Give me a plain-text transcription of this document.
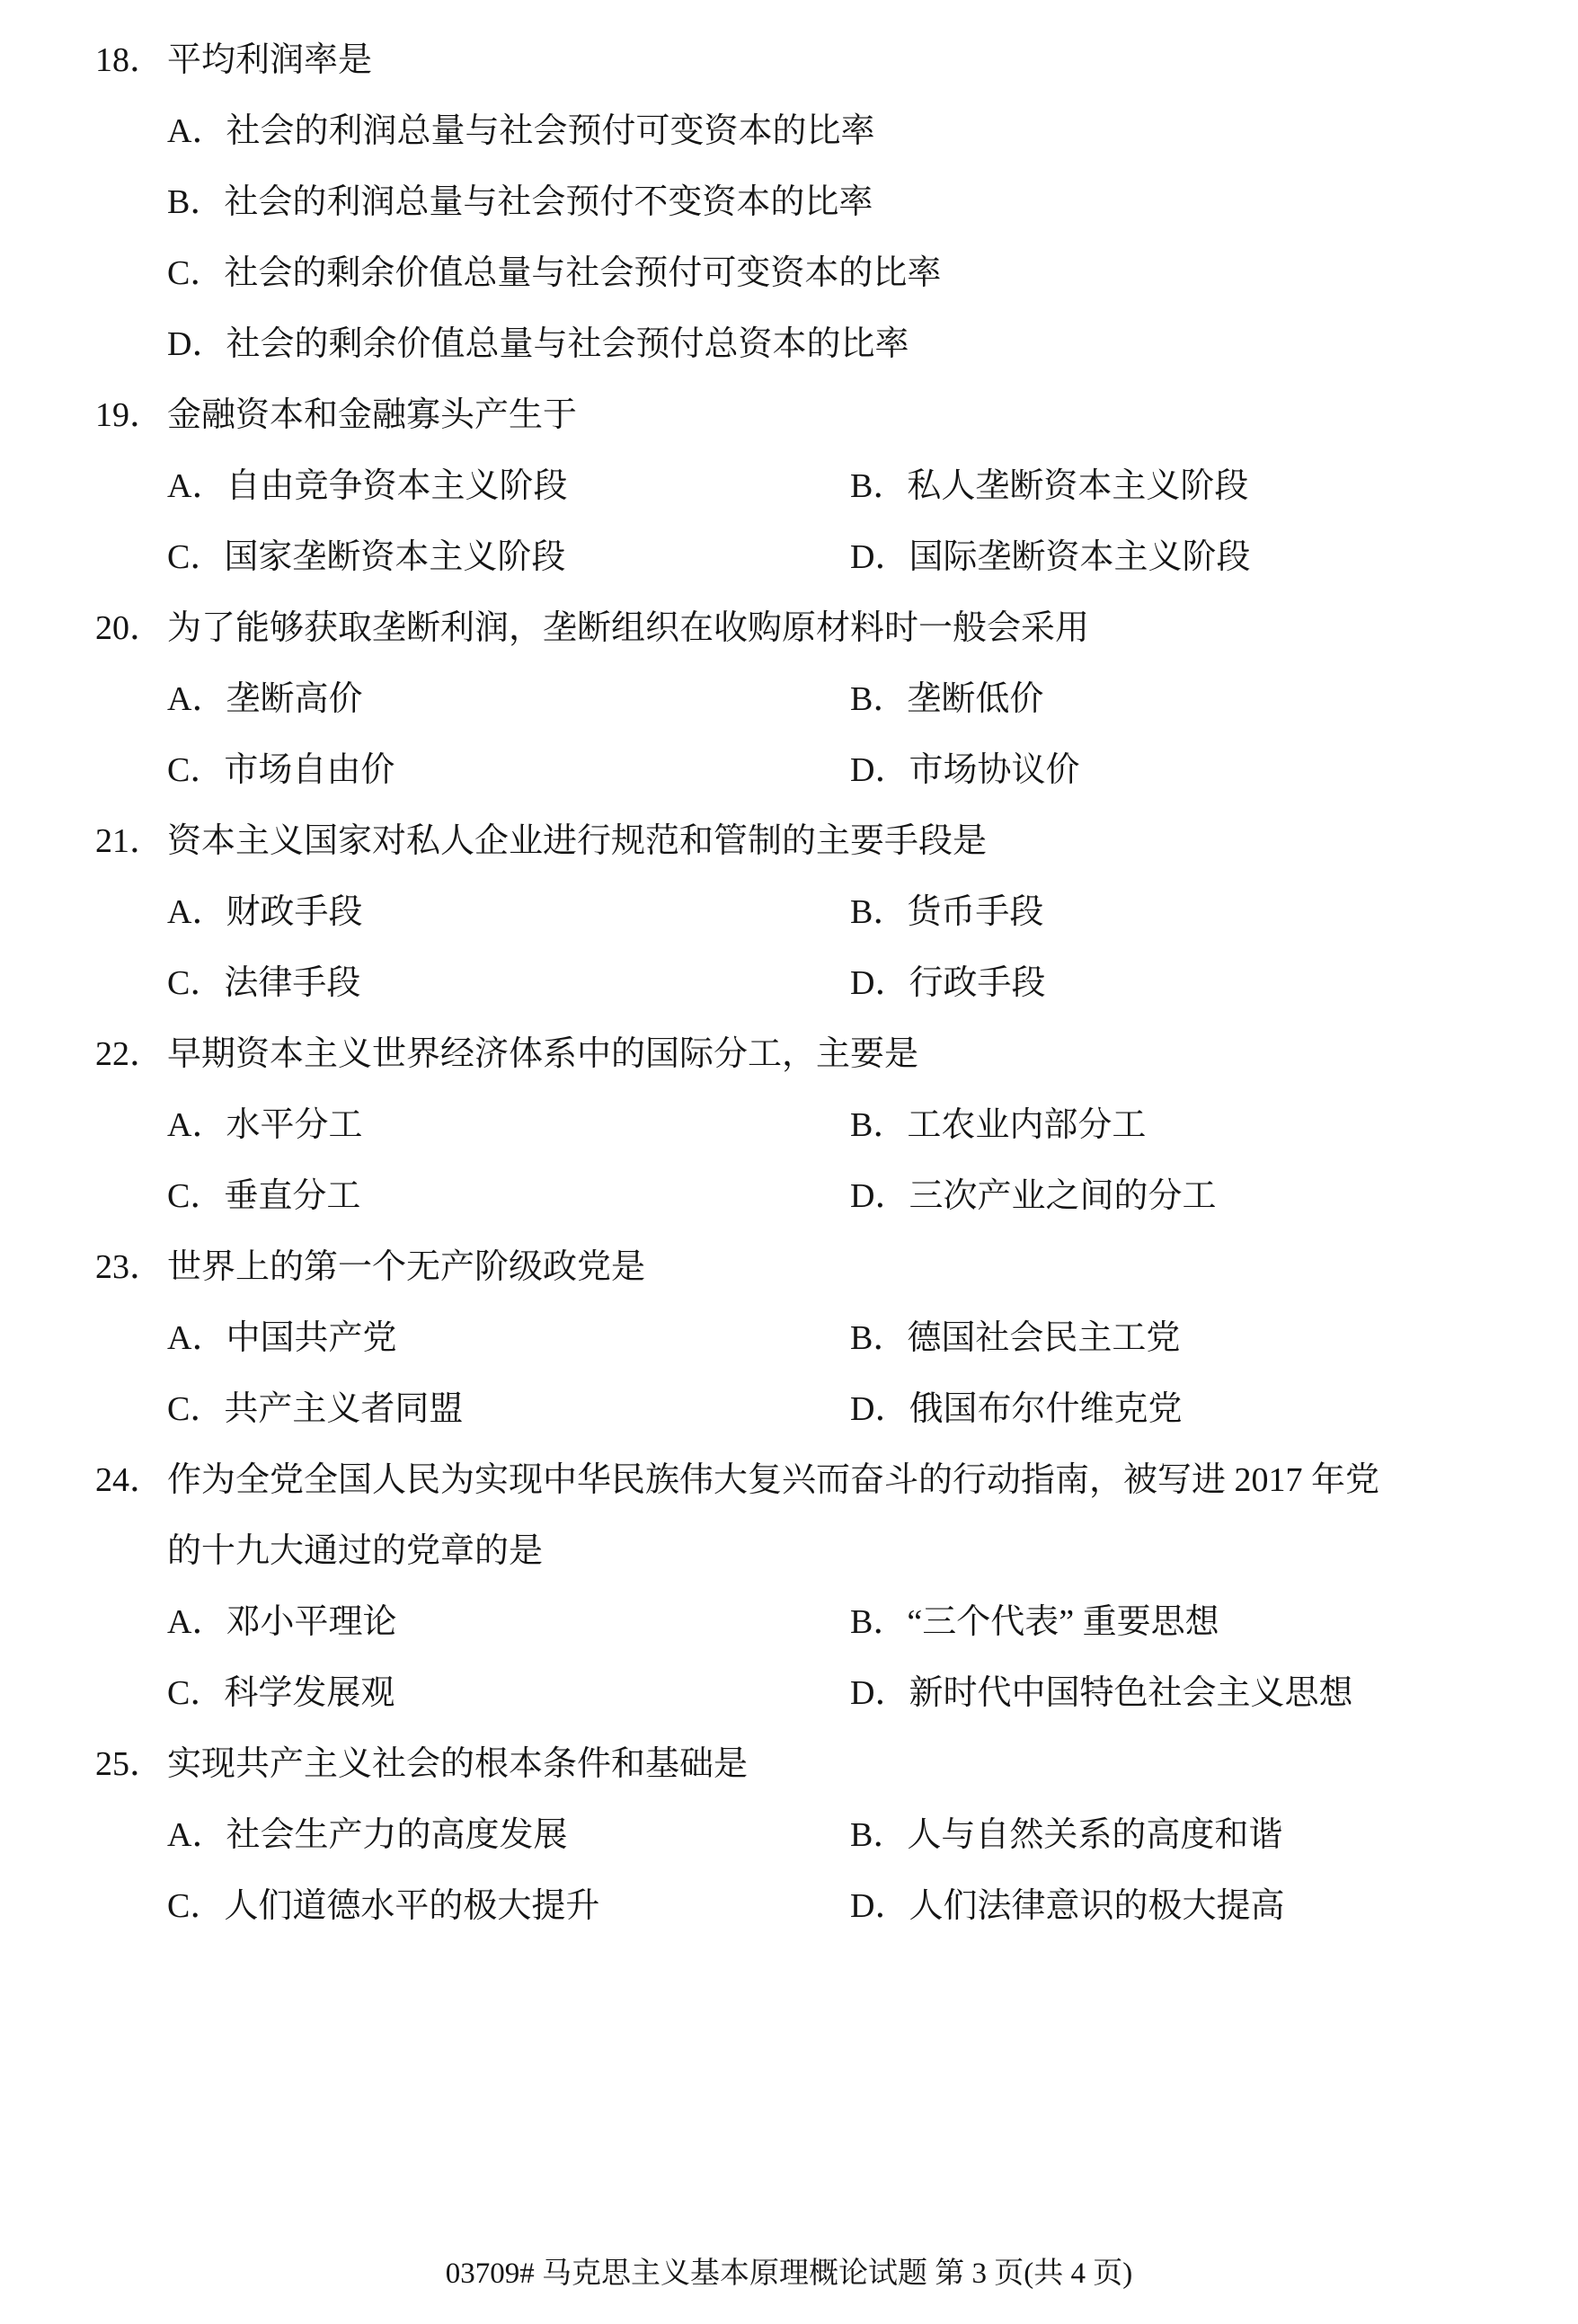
18． 平均利润率是
A．社会的利润总量与社会预付可变资本的比率
B．社会的利润总量与社会预付不变资本的比率
C．社会的剩余价值总量与社会预付可变资本的比率
D．社会的剩余价值总量与社会预付总资本的比率
19． 金融资本和金融寡头产生于
A．自由竞争资本主义阶段	B．私人垄断资本主义阶段
C．国家垄断资本主义阶段	D．国际垄断资本主义阶段
20． 为了能够获取垄断利润，垄断组织在收购原材料时一般会采用
A．垄断高价	B．垄断低价
C．市场自由价	D．市场协议价
21． 资本主义国家对私人企业进行规范和管制的主要手段是
A．财政手段	B．货币手段
C．法律手段	D．行政手段
22． 早期资本主义世界经济体系中的国际分工，主要是
A．水平分工	B．工农业内部分工
C．垂直分工	D．三次产业之间的分工
23． 世界上的第一个无产阶级政党是
A．中国共产党	B．德国社会民主工党
C．共产主义者同盟	D．俄国布尔什维克党
24． 作为全党全国人民为实现中华民族伟大复兴而奋斗的行动指南，被写进 2017 年党
的十九大通过的党章的是
A．邓小平理论	B．“三个代表” 重要思想
C．科学发展观	D．新时代中国特色社会主义思想
25． 实现共产主义社会的根本条件和基础是
A．社会生产力的高度发展	B．人与自然关系的高度和谐
C．人们道德水平的极大提升	D．人们法律意识的极大提高
03709# 马克思主义基本原理概论试题 第 3 页(共 4 页)
